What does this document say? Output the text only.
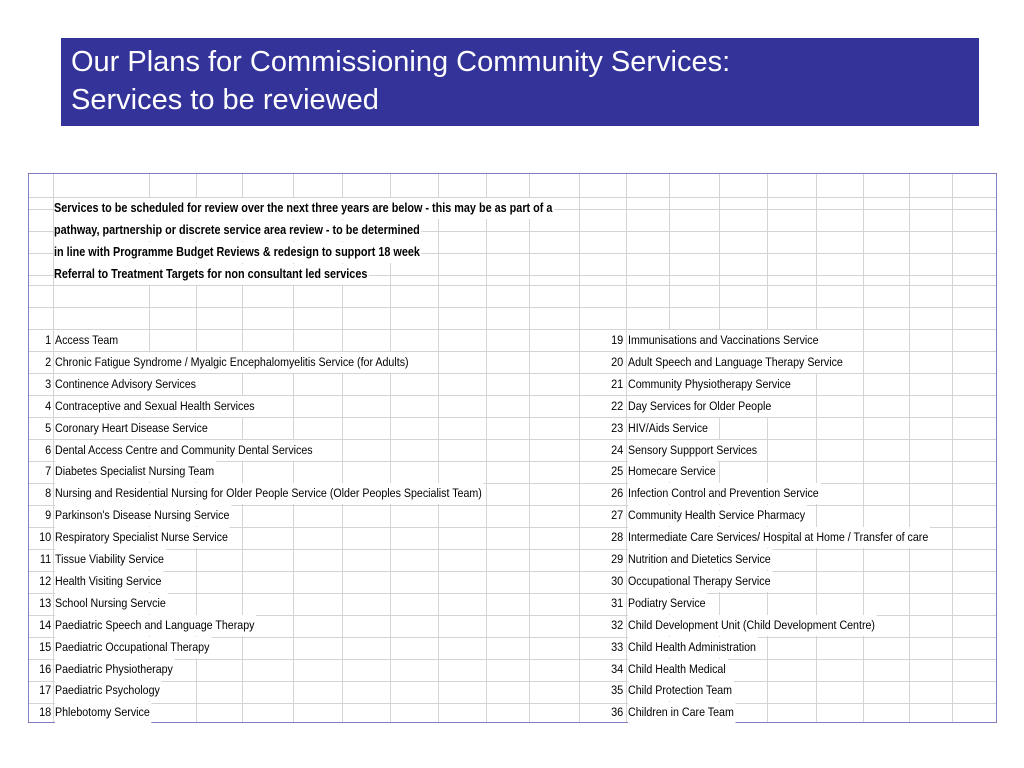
Our Plans for Commissioning Community Services:
Services to be reviewed
Services to be scheduled for review over the next three years are below - this may be as part of a
pathway, partnership or discrete service area review - to be determined
in line with Programme Budget Reviews & redesign to support 18 week
Referral to Treatment Targets for non consultant led services
1 Access Team
2 Chronic Fatigue Syndrome / Myalgic Encephalomyelitis Service (for Adults)
3 Continence Advisory Services
4 Contraceptive and Sexual Health Services
5 Coronary Heart Disease Service
6 Dental Access Centre and Community Dental Services
7 Diabetes Specialist Nursing Team
8 Nursing and Residential Nursing for Older People Service (Older Peoples Specialist Team)
9 Parkinson's Disease Nursing Service
10 Respiratory Specialist Nurse Service
11 Tissue Viability Service
12 Health Visiting Service
13 School Nursing Servcie
14 Paediatric Speech and Language Therapy
15 Paediatric Occupational Therapy
16 Paediatric Physiotherapy
17 Paediatric Psychology
18 Phlebotomy Service
19 Immunisations and Vaccinations Service
20 Adult Speech and Language Therapy Service
21 Community Physiotherapy Service
22 Day Services for Older People
23 HIV/Aids Service
24 Sensory Suppport Services
25 Homecare Service
26 Infection Control and Prevention Service
27 Community Health Service Pharmacy
28 Intermediate Care Services/ Hospital at Home / Transfer of care
29 Nutrition and Dietetics Service
30 Occupational Therapy Service
31 Podiatry Service
32 Child Development Unit (Child Development Centre)
33 Child Health Administration
34 Child Health Medical
35 Child Protection Team
36 Children in Care Team
